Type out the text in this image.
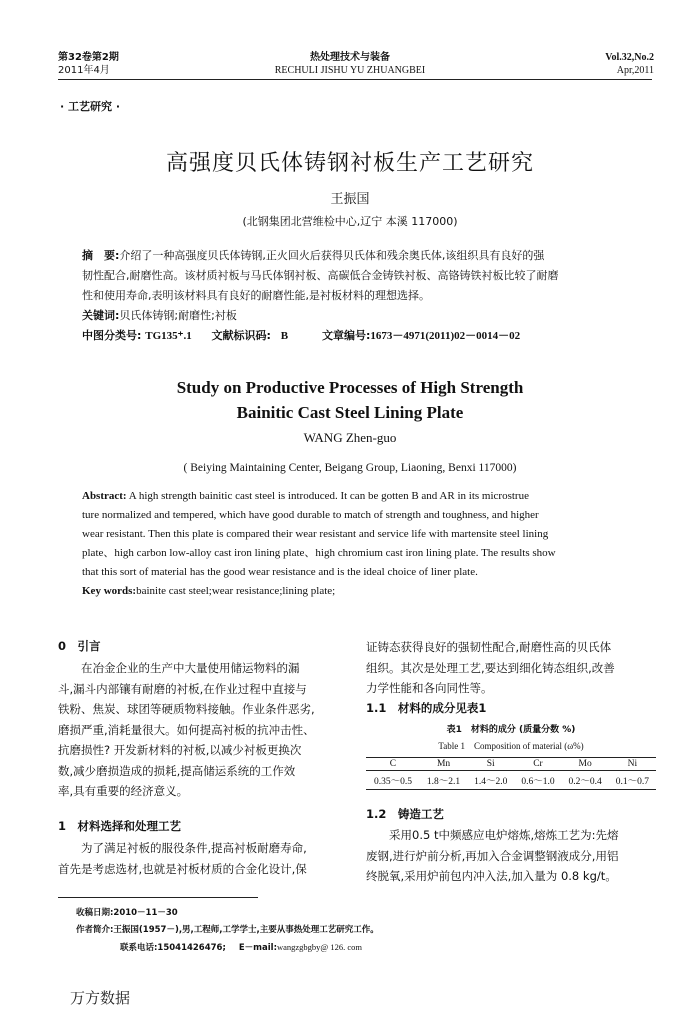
第32卷第2期
2011年4月
热处理技术与装备
RECHULI JISHU YU ZHUANGBEI
Vol.32,No.2
Apr,2011
· 工艺研究 ·
高强度贝氏体铸钢衬板生产工艺研究
王振国
(北钢集团北营维检中心,辽宁 本溪 117000)
摘　要:介绍了一种高强度贝氏体铸钢,正火回火后获得贝氏体和残余奥氏体,该组织具有良好的强
韧性配合,耐磨性高。该材质衬板与马氏体钢衬板、高碳低合金铸铁衬板、高铬铸铁衬板比较了耐磨
性和使用寿命,表明该材料具有良好的耐磨性能,是衬板材料的理想选择。
关键词:贝氏体铸钢;耐磨性;衬板
中图分类号: TG135⁺.1 文献标识码: B	文章编号:1673－4971(2011)02－0014－02
Study on Productive Processes of High Strength
Bainitic Cast Steel Lining Plate
WANG Zhen-guo
( Beiying Maintaining Center, Beigang Group, Liaoning, Benxi 117000)
Abstract: A high strength bainitic cast steel is introduced. It can be gotten B and AR in its microstrue
ture normalized and tempered, which have good durable to match of strength and toughness, and higher
wear resistant. Then this plate is compared their wear resistant and service life with martensite steel lining
plate、high carbon low-alloy cast iron lining plate、high chromium cast iron lining plate. The results show
that this sort of material has the good wear resistance and is the ideal choice of liner plate.
Key words:bainite cast steel;wear resistance;lining plate;
0　引言
在冶金企业的生产中大量使用储运物料的漏
斗,漏斗内部镶有耐磨的衬板,在作业过程中直接与
铁粉、焦炭、球团等硬质物料接触。作业条件恶劣,
磨损严重,消耗量很大。如何提高衬板的抗冲击性、
抗磨损性? 开发新材料的衬板,以减少衬板更换次
数,减少磨损造成的损耗,提高储运系统的工作效
率,具有重要的经济意义。
1　材料选择和处理工艺
为了满足衬板的服役条件,提高衬板耐磨寿命,
首先是考虑选材,也就是衬板材质的合金化设计,保
证铸态获得良好的强韧性配合,耐磨性高的贝氏体
组织。其次是处理工艺,要达到细化铸态组织,改善
力学性能和各向同性等。
1.1　材料的成分见表1
表1　材料的成分 (质量分数 %)
Table 1　Composition of material (ω%)
C	Mn	Si	Cr	Mo	Ni
0.35～0.5	1.8～2.1	1.4～2.0	0.6～1.0	0.2～0.4	0.1～0.7
1.2　铸造工艺
采用0.5 t中频感应电炉熔炼,熔炼工艺为:先熔
废钢,进行炉前分析,再加入合金调整钢液成分,用铝
终脱氧,采用炉前包内冲入法,加入量为 0.8 kg/t。
收稿日期:2010－11－30
作者简介:王振国(1957－),男,工程师,工学学士,主要从事热处理工艺研究工作。
联系电话:15041426476; E－mail:wangzgbgby@ 126. com
万方数据
